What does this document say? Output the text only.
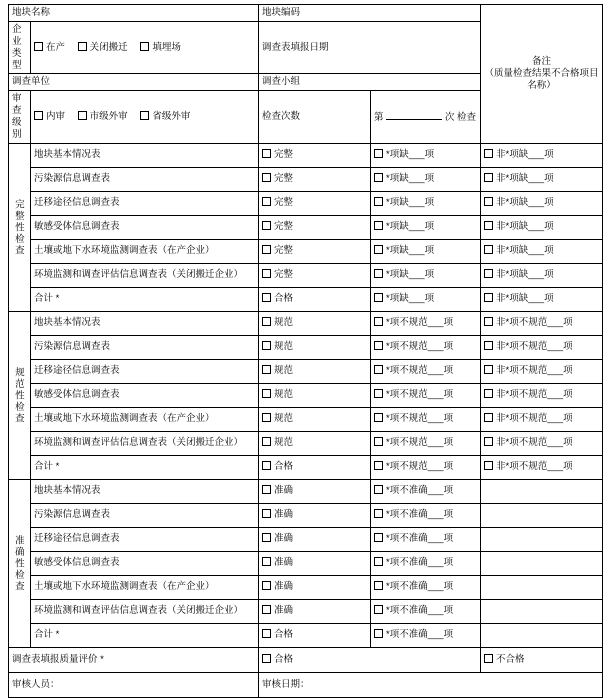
地块名称		地块编码		备注
（质量检查结果不合格项目名称）

企业类型	在产 关闭搬迁 填埋场	调查表填报日期		
调查单位		调查小组		
审查级别	内审 市级外审 省级外审	检查次数	第 次 检查	

完整性检查	地块基本情况表	完整	*项缺___项	非*项缺___项
	污染源信息调查表	完整	*项缺___项	非*项缺___项
	迁移途径信息调查表	完整	*项缺___项	非*项缺___项
	敏感受体信息调查表	完整	*项缺___项	非*项缺___项
	土壤或地下水环境监测调查表（在产企业）	完整	*项缺___项	非*项缺___项
	环境监测和调查评估信息调查表（关闭搬迁企业）	完整	*项缺___项	非*项缺___项
	合计 *	合格	*项缺___项	非*项缺___项

规范性检查	地块基本情况表	规范	*项不规范___项	非*项不规范___项
	污染源信息调查表	规范	*项不规范___项	非*项不规范___项
	迁移途径信息调查表	规范	*项不规范___项	非*项不规范___项
	敏感受体信息调查表	规范	*项不规范___项	非*项不规范___项
	土壤或地下水环境监测调查表（在产企业）	规范	*项不规范___项	非*项不规范___项
	环境监测和调查评估信息调查表（关闭搬迁企业）	规范	*项不规范___项	非*项不规范___项
	合计 *	合格	*项不规范___项	非*项不规范___项

准确性检查	地块基本情况表	准确	*项不准确___项	
	污染源信息调查表	准确	*项不准确___项	
	迁移途径信息调查表	准确	*项不准确___项	
	敏感受体信息调查表	准确	*项不准确___项	
	土壤或地下水环境监测调查表（在产企业）	准确	*项不准确___项	
	环境监测和调查评估信息调查表（关闭搬迁企业）	准确	*项不准确___项	
	合计 *	合格	*项不准确___项	
调查表填报质量评价 *		合格		不合格
审核人员：		审核日期：		
